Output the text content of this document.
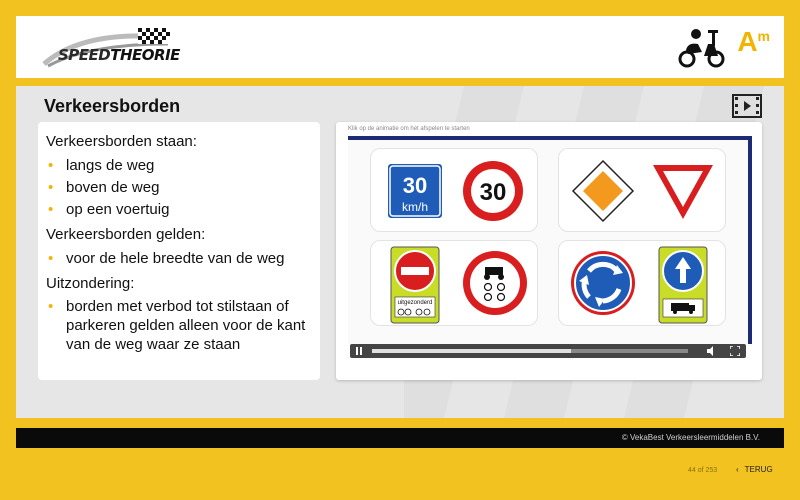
SPEEDTHEORIE	$A^m$
Verkeersborden
Verkeersborden staan:
• langs de weg
• boven de weg
• op een voertuig
Verkeersborden gelden:
• voor de hele breedte van de weg
Uitzondering:
• borden met verbod tot stilstaan of parkeren gelden alleen voor de kant van de weg waar ze staan
Klik op de animatie om het afspelen te starten
30
km/h
30
uitgezonderd
© VekaBest Verkeersleermiddelen B.V.
44 of 253 ‹ TERUG
